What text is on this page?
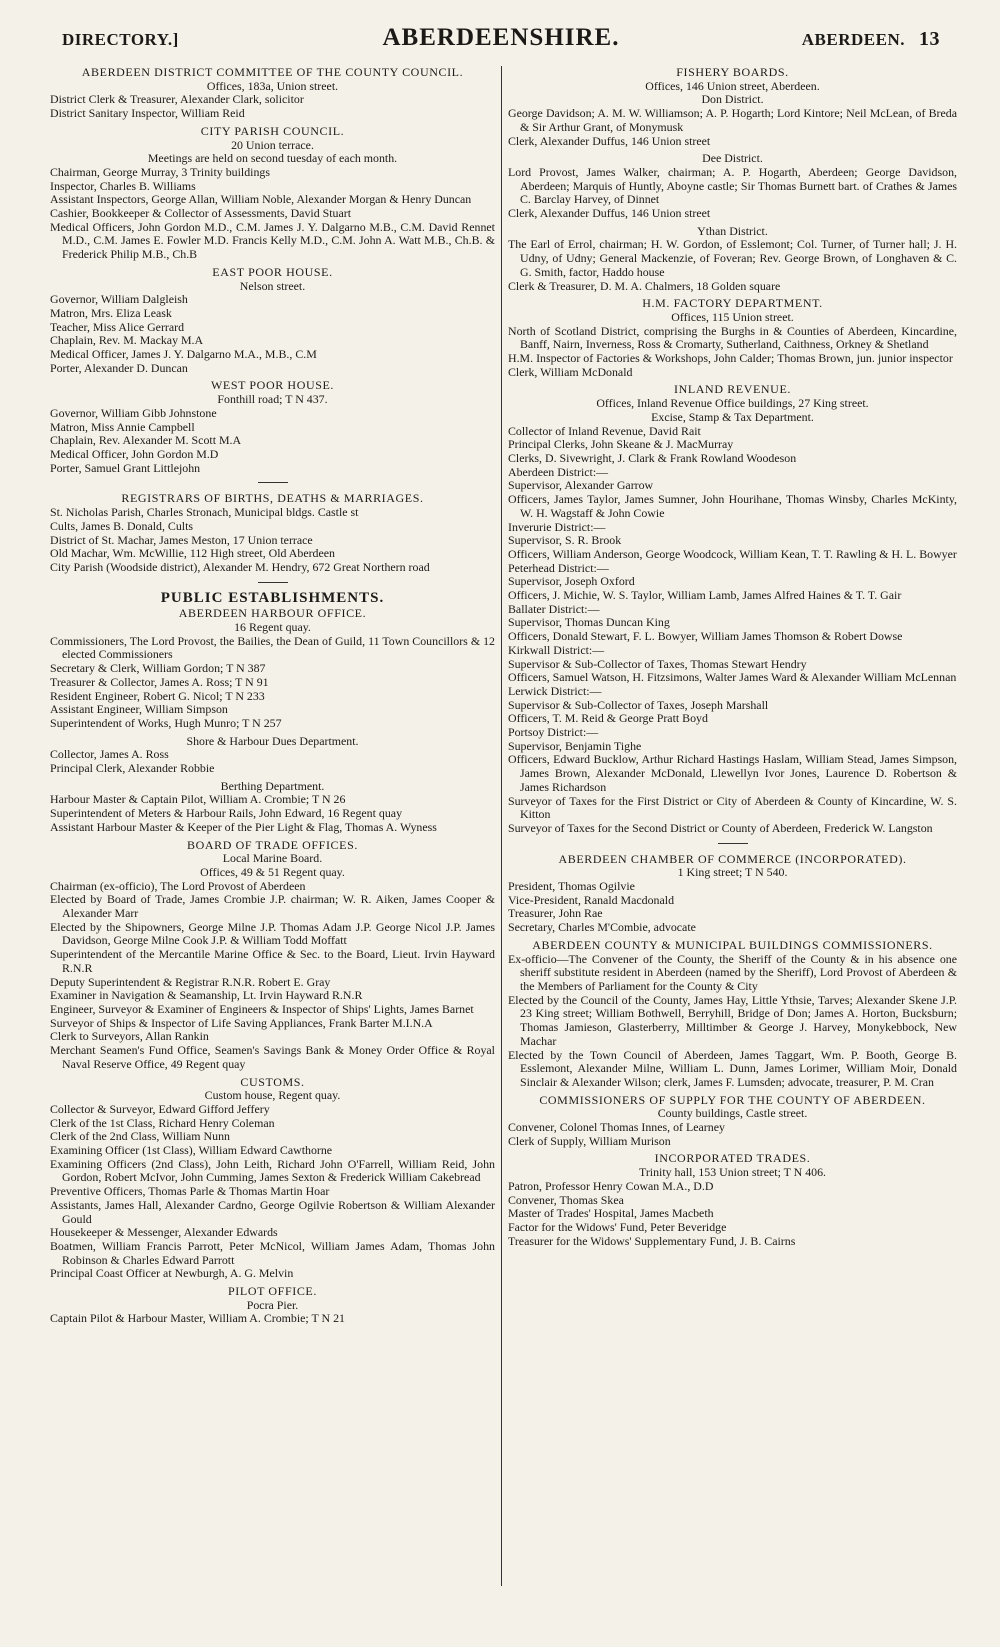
DIRECTORY.]	ABERDEENSHIRE.	ABERDEEN. 13
ABERDEEN DISTRICT COMMITTEE OF THE COUNTY COUNCIL.
Offices, 183a, Union street.
District Clerk & Treasurer, Alexander Clark, solicitor
District Sanitary Inspector, William Reid
CITY PARISH COUNCIL.
20 Union terrace.
Meetings are held on second tuesday of each month.
Chairman, George Murray, 3 Trinity buildings
Inspector, Charles B. Williams
Assistant Inspectors, George Allan, William Noble, Alexander Morgan & Henry Duncan
Cashier, Bookkeeper & Collector of Assessments, David Stuart
Medical Officers, John Gordon M.D., C.M. James J. Y. Dalgarno M.B., C.M. David Rennet M.D., C.M. James E. Fowler M.D. Francis Kelly M.D., C.M. John A. Watt M.B., Ch.B. & Frederick Philip M.B., Ch.B
EAST POOR HOUSE.
Nelson street.
Governor, William Dalgleish
Matron, Mrs. Eliza Leask
Teacher, Miss Alice Gerrard
Chaplain, Rev. M. Mackay M.A
Medical Officer, James J. Y. Dalgarno M.A., M.B., C.M
Porter, Alexander D. Duncan
WEST POOR HOUSE.
Fonthill road; T N 437.
Governor, William Gibb Johnstone
Matron, Miss Annie Campbell
Chaplain, Rev. Alexander M. Scott M.A
Medical Officer, John Gordon M.D
Porter, Samuel Grant Littlejohn
REGISTRARS OF BIRTHS, DEATHS & MARRIAGES.
St. Nicholas Parish, Charles Stronach, Municipal bldgs. Castle st
Cults, James B. Donald, Cults
District of St. Machar, James Meston, 17 Union terrace
Old Machar, Wm. McWillie, 112 High street, Old Aberdeen
City Parish (Woodside district), Alexander M. Hendry, 672 Great Northern road
PUBLIC ESTABLISHMENTS.
ABERDEEN HARBOUR OFFICE.
16 Regent quay.
Commissioners, The Lord Provost, the Bailies, the Dean of Guild, 11 Town Councillors & 12 elected Commissioners
Secretary & Clerk, William Gordon; T N 387
Treasurer & Collector, James A. Ross; T N 91
Resident Engineer, Robert G. Nicol; T N 233
Assistant Engineer, William Simpson
Superintendent of Works, Hugh Munro; T N 257
Shore & Harbour Dues Department.
Collector, James A. Ross
Principal Clerk, Alexander Robbie
Berthing Department.
Harbour Master & Captain Pilot, William A. Crombie; T N 26
Superintendent of Meters & Harbour Rails, John Edward, 16 Regent quay
Assistant Harbour Master & Keeper of the Pier Light & Flag, Thomas A. Wyness
BOARD OF TRADE OFFICES.
Local Marine Board.
Offices, 49 & 51 Regent quay.
Chairman (ex-officio), The Lord Provost of Aberdeen
Elected by Board of Trade, James Crombie J.P. chairman; W. R. Aiken, James Cooper & Alexander Marr
Elected by the Shipowners, George Milne J.P. Thomas Adam J.P. George Nicol J.P. James Davidson, George Milne Cook J.P. & William Todd Moffatt
Superintendent of the Mercantile Marine Office & Sec. to the Board, Lieut. Irvin Hayward R.N.R
Deputy Superintendent & Registrar R.N.R. Robert E. Gray
Examiner in Navigation & Seamanship, Lt. Irvin Hayward R.N.R
Engineer, Surveyor & Examiner of Engineers & Inspector of Ships' Lights, James Barnet
Surveyor of Ships & Inspector of Life Saving Appliances, Frank Barter M.I.N.A
Clerk to Surveyors, Allan Rankin
Merchant Seamen's Fund Office, Seamen's Savings Bank & Money Order Office & Royal Naval Reserve Office, 49 Regent quay
CUSTOMS.
Custom house, Regent quay.
Collector & Surveyor, Edward Gifford Jeffery
Clerk of the 1st Class, Richard Henry Coleman
Clerk of the 2nd Class, William Nunn
Examining Officer (1st Class), William Edward Cawthorne
Examining Officers (2nd Class), John Leith, Richard John O'Farrell, William Reid, John Gordon, Robert McIvor, John Cumming, James Sexton & Frederick William Cakebread
Preventive Officers, Thomas Parle & Thomas Martin Hoar
Assistants, James Hall, Alexander Cardno, George Ogilvie Robertson & William Alexander Gould
Housekeeper & Messenger, Alexander Edwards
Boatmen, William Francis Parrott, Peter McNicol, William James Adam, Thomas John Robinson & Charles Edward Parrott
Principal Coast Officer at Newburgh, A. G. Melvin
PILOT OFFICE.
Pocra Pier.
Captain Pilot & Harbour Master, William A. Crombie; T N 21
FISHERY BOARDS.
Offices, 146 Union street, Aberdeen.
Don District.
George Davidson; A. M. W. Williamson; A. P. Hogarth; Lord Kintore; Neil McLean, of Breda & Sir Arthur Grant, of Monymusk
Clerk, Alexander Duffus, 146 Union street
Dee District.
Lord Provost, James Walker, chairman; A. P. Hogarth, Aberdeen; George Davidson, Aberdeen; Marquis of Huntly, Aboyne castle; Sir Thomas Burnett bart. of Crathes & James C. Barclay Harvey, of Dinnet
Clerk, Alexander Duffus, 146 Union street
Ythan District.
The Earl of Errol, chairman; H. W. Gordon, of Esslemont; Col. Turner, of Turner hall; J. H. Udny, of Udny; General Mackenzie, of Foveran; Rev. George Brown, of Longhaven & C. G. Smith, factor, Haddo house
Clerk & Treasurer, D. M. A. Chalmers, 18 Golden square
H.M. FACTORY DEPARTMENT.
Offices, 115 Union street.
North of Scotland District, comprising the Burghs in & Counties of Aberdeen, Kincardine, Banff, Nairn, Inverness, Ross & Cromarty, Sutherland, Caithness, Orkney & Shetland
H.M. Inspector of Factories & Workshops, John Calder; Thomas Brown, jun. junior inspector
Clerk, William McDonald
INLAND REVENUE.
Offices, Inland Revenue Office buildings, 27 King street.
Excise, Stamp & Tax Department.
Collector of Inland Revenue, David Rait
Principal Clerks, John Skeane & J. MacMurray
Clerks, D. Sivewright, J. Clark & Frank Rowland Woodeson
Aberdeen District:—
Supervisor, Alexander Garrow
Officers, James Taylor, James Sumner, John Hourihane, Thomas Winsby, Charles McKinty, W. H. Wagstaff & John Cowie
Inverurie District:—
Supervisor, S. R. Brook
Officers, William Anderson, George Woodcock, William Kean, T. T. Rawling & H. L. Bowyer
Peterhead District:—
Supervisor, Joseph Oxford
Officers, J. Michie, W. S. Taylor, William Lamb, James Alfred Haines & T. T. Gair
Ballater District:—
Supervisor, Thomas Duncan King
Officers, Donald Stewart, F. L. Bowyer, William James Thomson & Robert Dowse
Kirkwall District:—
Supervisor & Sub-Collector of Taxes, Thomas Stewart Hendry
Officers, Samuel Watson, H. Fitzsimons, Walter James Ward & Alexander William McLennan
Lerwick District:—
Supervisor & Sub-Collector of Taxes, Joseph Marshall
Officers, T. M. Reid & George Pratt Boyd
Portsoy District:—
Supervisor, Benjamin Tighe
Officers, Edward Bucklow, Arthur Richard Hastings Haslam, William Stead, James Simpson, James Brown, Alexander McDonald, Llewellyn Ivor Jones, Laurence D. Robertson & James Richardson
Surveyor of Taxes for the First District or City of Aberdeen & County of Kincardine, W. S. Kitton
Surveyor of Taxes for the Second District or County of Aberdeen, Frederick W. Langston
ABERDEEN CHAMBER OF COMMERCE (INCORPORATED).
1 King street; T N 540.
President, Thomas Ogilvie
Vice-President, Ranald Macdonald
Treasurer, John Rae
Secretary, Charles M'Combie, advocate
ABERDEEN COUNTY & MUNICIPAL BUILDINGS COMMISSIONERS.
Ex-officio—The Convener of the County, the Sheriff of the County & in his absence one sheriff substitute resident in Aberdeen (named by the Sheriff), Lord Provost of Aberdeen & the Members of Parliament for the County & City
Elected by the Council of the County, James Hay, Little Ythsie, Tarves; Alexander Skene J.P. 23 King street; William Bothwell, Berryhill, Bridge of Don; James A. Horton, Bucksburn; Thomas Jamieson, Glasterberry, Milltimber & George J. Harvey, Monykebbock, New Machar
Elected by the Town Council of Aberdeen, James Taggart, Wm. P. Booth, George B. Esslemont, Alexander Milne, William L. Dunn, James Lorimer, William Moir, Donald Sinclair & Alexander Wilson; clerk, James F. Lumsden; advocate, treasurer, P. M. Cran
COMMISSIONERS OF SUPPLY FOR THE COUNTY OF ABERDEEN.
County buildings, Castle street.
Convener, Colonel Thomas Innes, of Learney
Clerk of Supply, William Murison
INCORPORATED TRADES.
Trinity hall, 153 Union street; T N 406.
Patron, Professor Henry Cowan M.A., D.D
Convener, Thomas Skea
Master of Trades' Hospital, James Macbeth
Factor for the Widows' Fund, Peter Beveridge
Treasurer for the Widows' Supplementary Fund, J. B. Cairns
